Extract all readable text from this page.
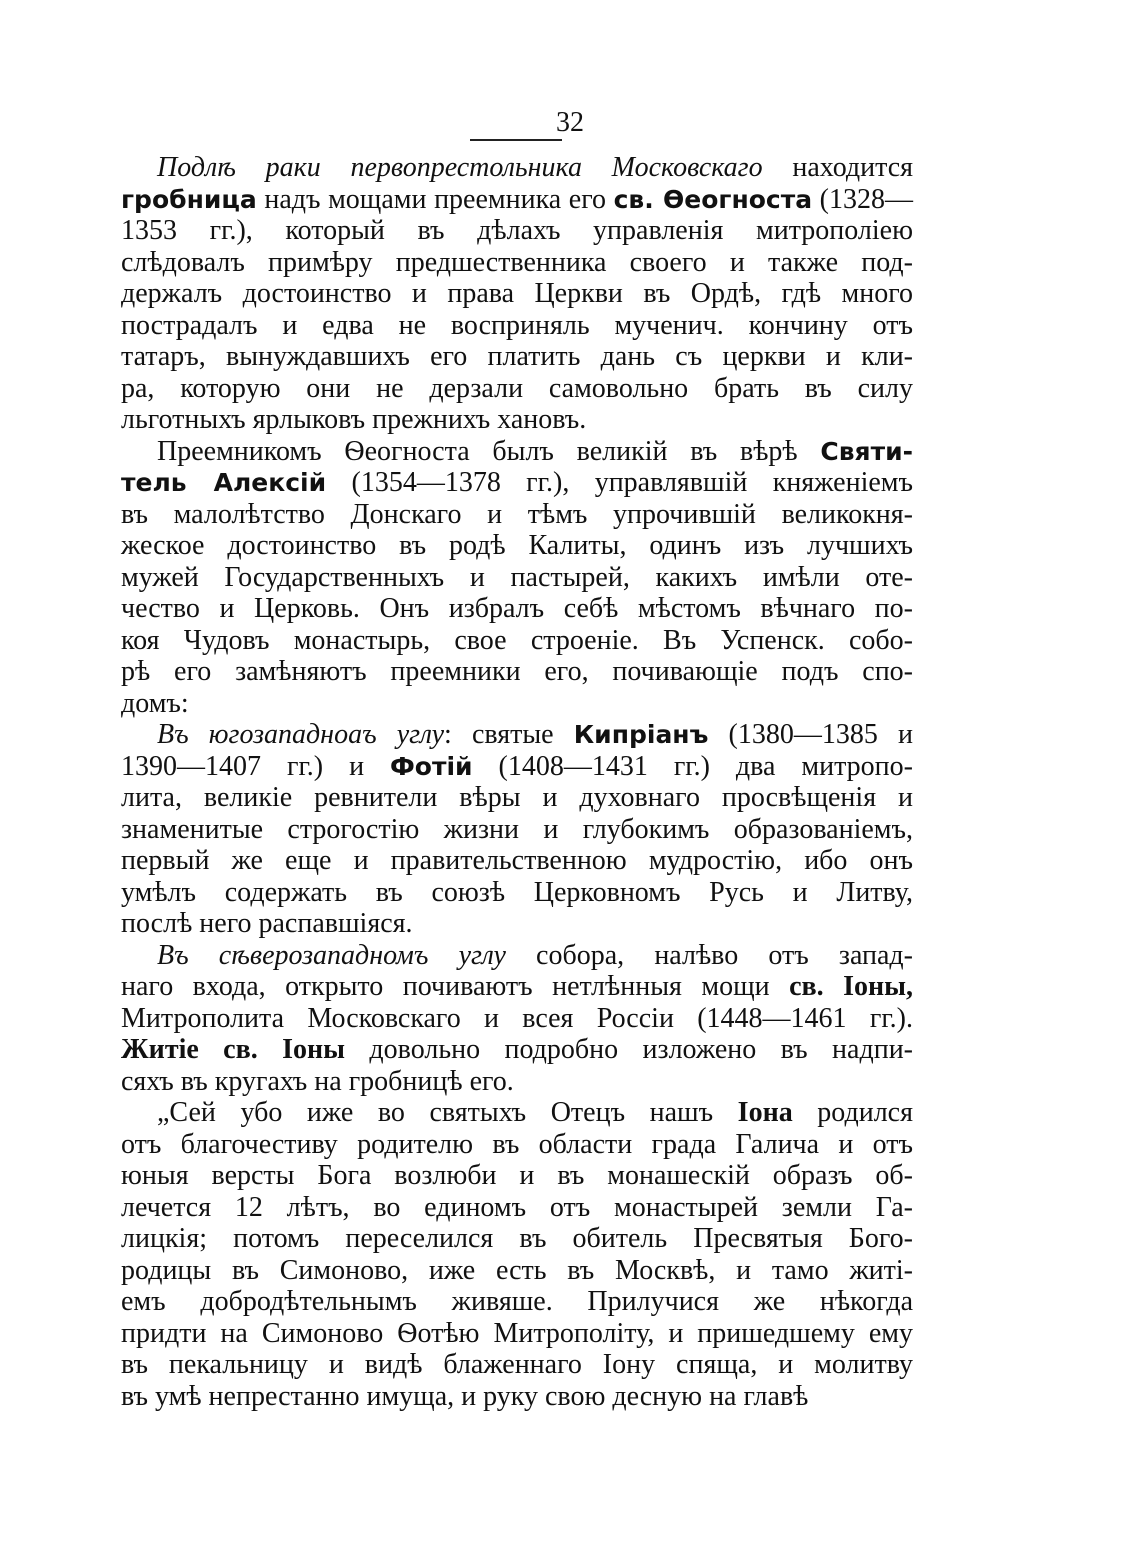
32
Подлѣ раки первопрестольника Московскаго находится
гробница надъ мощами преемника его св. Ѳеогноста (1328—
1353 гг.), который въ дѣлахъ управленія митрополіею
слѣдовалъ примѣру предшественника своего и также под-
держалъ достоинство и права Церкви въ Ордѣ, гдѣ много
пострадалъ и едва не восприняль мученич. кончину отъ
татаръ, вынуждавшихъ его платить дань съ церкви и кли-
ра, которую они не дерзали самовольно брать въ силу
льготныхъ ярлыковъ прежнихъ хановъ.
Преемникомъ Ѳеогноста былъ великій въ вѣрѣ Святи-
тель Алексій (1354—1378 гг.), управлявшій княженіемъ
въ малолѣтство Донскаго и тѣмъ упрочившій великокня-
жеское достоинство въ родѣ Калиты, одинъ изъ лучшихъ
мужей Государственныхъ и пастырей, какихъ имѣли оте-
чество и Церковь. Онъ избралъ себѣ мѣстомъ вѣчнаго по-
коя Чудовъ монастырь, свое строеніе. Въ Успенск. собо-
рѣ его замѣняютъ преемники его, почивающіе подъ спо-
домъ:
Въ югозападноаъ углу: святые Кипріанъ (1380—1385 и
1390—1407 гг.) и Фотій (1408—1431 гг.) два митропо-
лита, великіе ревнители вѣры и духовнаго просвѣщенія и
знаменитые строгостію жизни и глубокимъ образованіемъ,
первый же еще и правительственною мудростію, ибо онъ
умѣлъ содержать въ союзѣ Церковномъ Русь и Литву,
послѣ него распавшіяся.
Въ сѣверозападномъ углу собора, налѣво отъ запад-
наго входа, открыто почиваютъ нетлѣнныя мощи св. Іоны,
Митрополита Московскаго и всея Россіи (1448—1461 гг.).
Житіе св. Іоны довольно подробно изложено въ надпи-
сяхъ въ кругахъ на гробницѣ его.
„Сей убо иже во святыхъ Отецъ нашъ Іона родился
отъ благочестиву родителю въ области града Галича и отъ
юныя версты Бога возлюби и въ монашескій образъ об-
лечется 12 лѣтъ, во единомъ отъ монастырей земли Га-
лицкія; потомъ переселился въ обитель Пресвятыя Бого-
родицы въ Симоново, иже есть въ Москвѣ, и тамо житі-
емъ добродѣтельнымъ живяше. Прилучися же нѣкогда
придти на Симоново Ѳотѣю Митрополіту, и пришедшему ему
въ пекальницу и видѣ блаженнаго Іону спяща, и молитву
въ умѣ непрестанно имуща, и руку свою десную на главѣ
